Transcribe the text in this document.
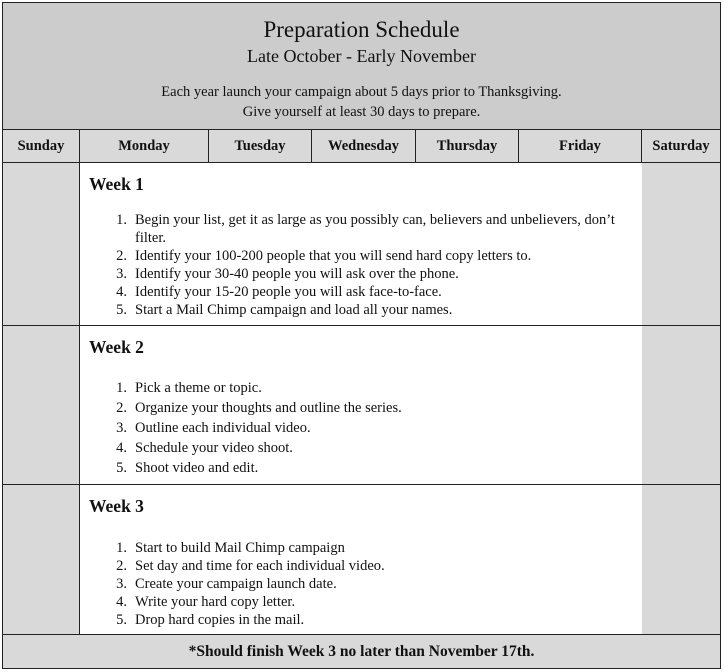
Preparation Schedule
Late October - Early November
Each year launch your campaign about 5 days prior to Thanksgiving.
Give yourself at least 30 days to prepare.
Sunday	Monday	Tuesday	Wednesday	Thursday	Friday	Saturday
Week 1
1. Begin your list, get it as large as you possibly can, believers and unbelievers, don’t filter.
2. Identify your 100-200 people that you will send hard copy letters to.
3. Identify your 30-40 people you will ask over the phone.
4. Identify your 15-20 people you will ask face-to-face.
5. Start a Mail Chimp campaign and load all your names.
Week 2
1. Pick a theme or topic.
2. Organize your thoughts and outline the series.
3. Outline each individual video.
4. Schedule your video shoot.
5. Shoot video and edit.
Week 3
1. Start to build Mail Chimp campaign
2. Set day and time for each individual video.
3. Create your campaign launch date.
4. Write your hard copy letter.
5. Drop hard copies in the mail.
*Should finish Week 3 no later than November 17th.
